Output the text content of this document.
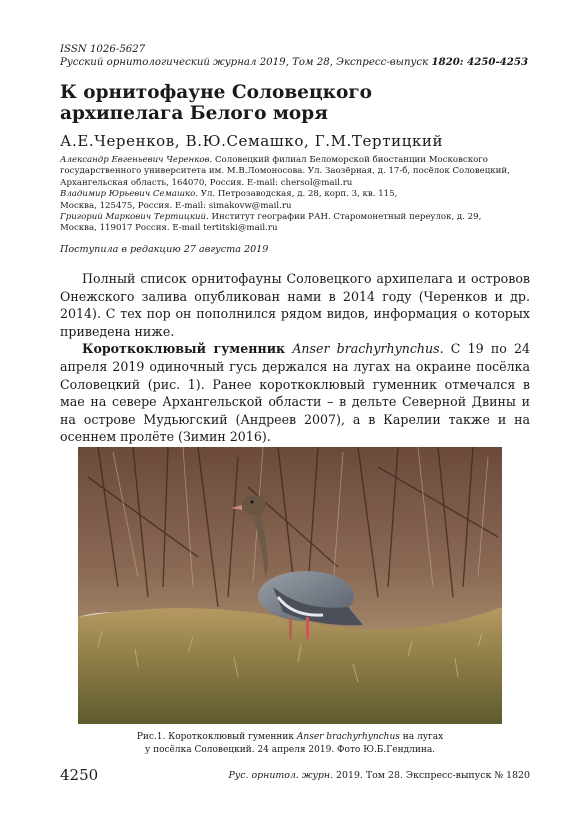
ISSN 1026-5627
Русский орнитологический журнал 2019, Том 28, Экспресс-выпуск 1820: 4250-4253
К орнитофауне Соловецкого
архипелага Белого моря
А.Е.Черенков, В.Ю.Семашко, Г.М.Тертицкий

Александр Евгеньевич Черенков. Соловецкий филиал Беломорской биостанции Московского
государственного университета им. М.В.Ломоносова. Ул. Заозёрная, д. 17-б, посёлок Соловецкий,
Архангельская область, 164070, Россия. E-mail: chersol@mail.ru

Владимир Юрьевич Семашко. Ул. Петрозаводская, д. 28, корп. 3, кв. 115,
Москва, 125475, Россия. E-mail: simakovw@mail.ru

Григорий Маркович Тертицкий. Институт географии РАН. Старомонетный переулок, д. 29,
Москва, 119017 Россия. E-mail tertitski@mail.ru

Поступила в редакцию 27 августа 2019

Полный список орнитофауны Соловецкого архипелага и островов Онежского залива опубликован нами в 2014 году (Черенков и др. 2014). С тех пор он пополнился рядом видов, информация о которых приведена ниже.

Короткоклювый гуменник Anser brachyrhynchus. С 19 по 24 апреля 2019 одиночный гусь держался на лугах на окраине посёлка Соловецкий (рис. 1). Ранее короткоклювый гуменник отмечался в мае на севере Архангельской области – в дельте Северной Двины и на острове Мудьюгский (Андреев 2007), а в Карелии также и на осеннем пролёте (Зимин 2016).

Рис.1. Короткоклювый гуменник Anser brachyrhynchus на лугах
у посёлка Соловецкий. 24 апреля 2019. Фото Ю.Б.Гендлина.
4250	Рус. орнитол. журн. 2019. Том 28. Экспресс-выпуск № 1820
